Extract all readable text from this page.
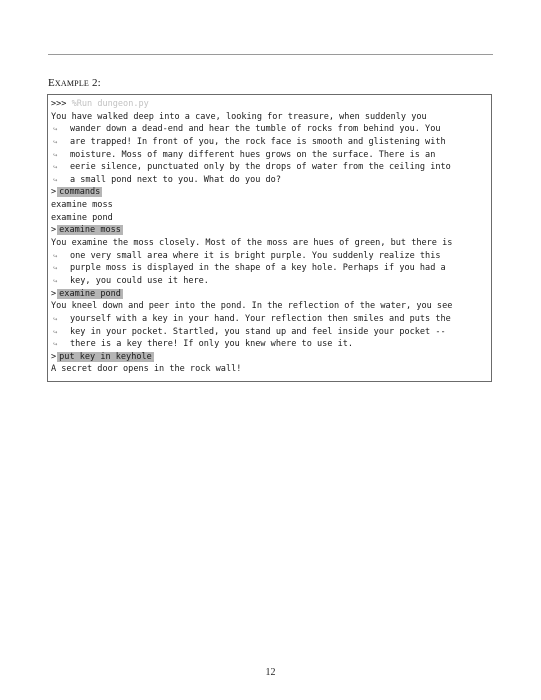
Example 2:
>>> %Run dungeon.py
You have walked deep into a cave, looking for treasure, when suddenly you
↪ wander down a dead-end and hear the tumble of rocks from behind you. You
↪ are trapped! In front of you, the rock face is smooth and glistening with
↪ moisture. Moss of many different hues grows on the surface. There is an
↪ eerie silence, punctuated only by the drops of water from the ceiling into
↪ a small pond next to you. What do you do?
> commands
examine moss
examine pond
> examine moss
You examine the moss closely. Most of the moss are hues of green, but there is
↪ one very small area where it is bright purple. You suddenly realize this
↪ purple moss is displayed in the shape of a key hole. Perhaps if you had a
↪ key, you could use it here.
> examine pond
You kneel down and peer into the pond. In the reflection of the water, you see
↪ yourself with a key in your hand. Your reflection then smiles and puts the
↪ key in your pocket. Startled, you stand up and feel inside your pocket --
↪ there is a key there! If only you knew where to use it.
> put key in keyhole
A secret door opens in the rock wall!
12
